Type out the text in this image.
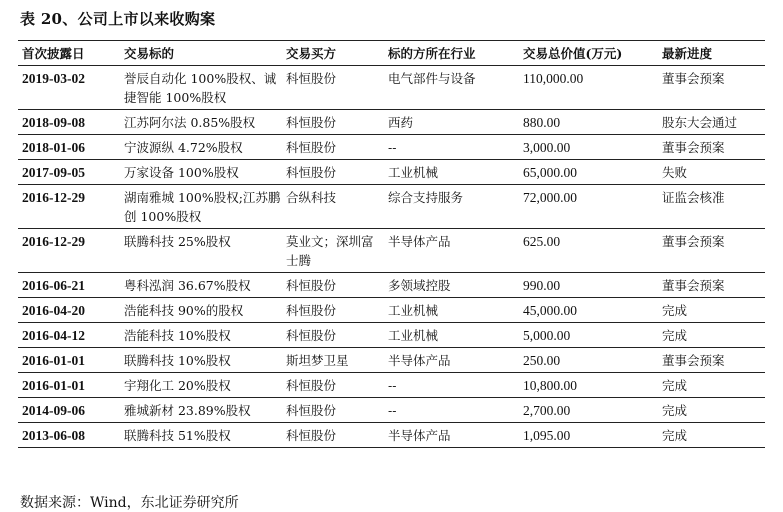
表 20、公司上市以来收购案
首次披露日	交易标的	交易买方	标的方所在行业	交易总价值(万元)	最新进度
2019-03-02	誉辰自动化 100%股权、诚捷智能 100%股权	科恒股份	电气部件与设备	110,000.00	董事会预案
2018-09-08	江苏阿尔法 0.85%股权	科恒股份	西药	880.00	股东大会通过
2018-01-06	宁波源纵 4.72%股权	科恒股份	--	3,000.00	董事会预案
2017-09-05	万家设备 100%股权	科恒股份	工业机械	65,000.00	失败
2016-12-29	湖南雅城 100%股权;江苏鹏创 100%股权	合纵科技	综合支持服务	72,000.00	证监会核准
2016-12-29	联腾科技 25%股权	莫业文；深圳富士腾	半导体产品	625.00	董事会预案
2016-06-21	粤科泓润 36.67%股权	科恒股份	多领域控股	990.00	董事会预案
2016-04-20	浩能科技 90%的股权	科恒股份	工业机械	45,000.00	完成
2016-04-12	浩能科技 10%股权	科恒股份	工业机械	5,000.00	完成
2016-01-01	联腾科技 10%股权	斯坦梦卫星	半导体产品	250.00	董事会预案
2016-01-01	宇翔化工 20%股权	科恒股份	--	10,800.00	完成
2014-09-06	雅城新材 23.89%股权	科恒股份	--	2,700.00	完成
2013-06-08	联腾科技 51%股权	科恒股份	半导体产品	1,095.00	完成
数据来源：Wind，东北证券研究所
